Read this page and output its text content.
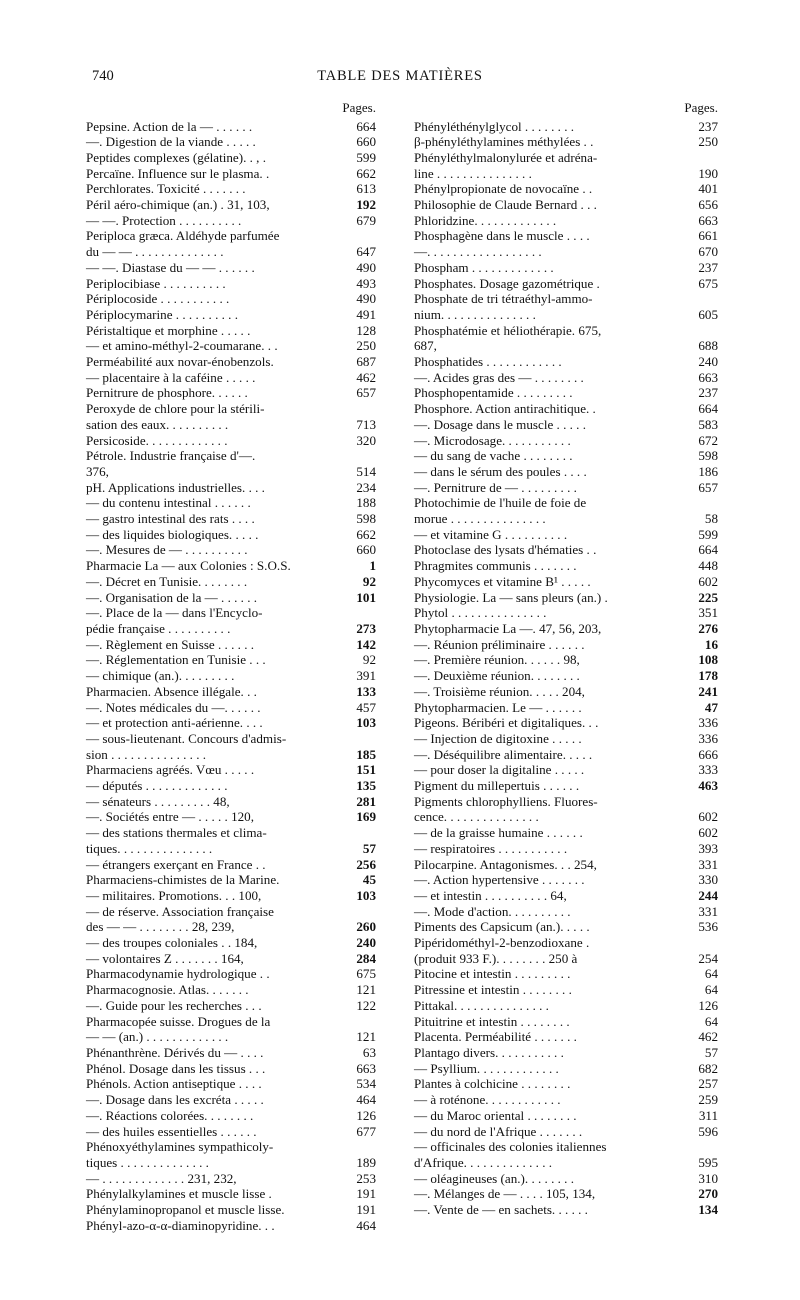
740	TABLE DES MATIÈRES
Pages.
Pepsine. Action de la — . . . . . .	664
—. Digestion de la viande . . . . .	660
Peptides complexes (gélatine). . , .	599
Percaïne. Influence sur le plasma. .	662
Perchlorates. Toxicité . . . . . . .	613
Péril aéro-chimique (an.) . 31, 103,	192
— —. Protection . . . . . . . . . .	679
Periploca græca. Aldéhyde parfumée
du — — . . . . . . . . . . . . . .	647
— —. Diastase du — — . . . . . .	490
Periplocibiase . . . . . . . . . .	493
Périplocoside . . . . . . . . . . .	490
Périplocymarine . . . . . . . . . .	491
Péristaltique et morphine . . . . .	128
— et amino-méthyl-2-coumarane. . .	250
Perméabilité aux novar-énobenzols.	687
— placentaire à la caféine . . . . .	462
Pernitrure de phosphore. . . . . .	657
Peroxyde de chlore pour la stérili-
sation des eaux. . . . . . . . . .	713
Persicoside. . . . . . . . . . . . .	320
Pétrole. Industrie française d'—.
376,	514
pH. Applications industrielles. . . .	234
— du contenu intestinal . . . . . .	188
— gastro intestinal des rats . . . .	598
— des liquides biologiques. . . . .	662
—. Mesures de — . . . . . . . . . .	660
Pharmacie La — aux Colonies : S.O.S.	1
—. Décret en Tunisie. . . . . . . .	92
—. Organisation de la — . . . . . .	101
—. Place de la — dans l'Encyclo-
pédie française . . . . . . . . . .	273
—. Règlement en Suisse . . . . . .	142
—. Réglementation en Tunisie . . .	92
— chimique (an.). . . . . . . . .	391
Pharmacien. Absence illégale. . .	133
—. Notes médicales du —. . . . . .	457
— et protection anti-aérienne. . . .	103
— sous-lieutenant. Concours d'admis-
sion . . . . . . . . . . . . . . .	185
Pharmaciens agréés. Vœu . . . . .	151
— députés . . . . . . . . . . . . .	135
— sénateurs . . . . . . . . . 48,	281
—. Sociétés entre — . . . . . 120,	169
— des stations thermales et clima-
tiques. . . . . . . . . . . . . . .	57
— étrangers exerçant en France . .	256
Pharmaciens-chimistes de la Marine.	45
— militaires. Promotions. . . 100,	103
— de réserve. Association française
des — — . . . . . . . . 28, 239,	260
— des troupes coloniales . . 184,	240
— volontaires Z . . . . . . . 164,	284
Pharmacodynamie hydrologique . .	675
Pharmacognosie. Atlas. . . . . . .	121
—. Guide pour les recherches . . .	122
Pharmacopée suisse. Drogues de la
— — (an.) . . . . . . . . . . . . .	121
Phénanthrène. Dérivés du — . . . .	63
Phénol. Dosage dans les tissus . . .	663
Phénols. Action antiseptique . . . .	534
—. Dosage dans les excréta . . . . .	464
—. Réactions colorées. . . . . . . .	126
— des huiles essentielles . . . . . .	677
Phénoxyéthylamines sympathicoly-
tiques . . . . . . . . . . . . . .	189
— . . . . . . . . . . . . . 231, 232,	253
Phénylalkylamines et muscle lisse .	191
Phénylaminopropanol et muscle lisse.	191
Phényl-azo-α-α-diaminopyridine. . .	464
Pages.
Phényléthénylglycol . . . . . . . .	237
β-phényléthylamines méthylées . .	250
Phényléthylmalonylurée et adréna-
line . . . . . . . . . . . . . . .	190
Phénylpropionate de novocaïne . .	401
Philosophie de Claude Bernard . . .	656
Phloridzine. . . . . . . . . . . . .	663
Phosphagène dans le muscle . . . .	661
—. . . . . . . . . . . . . . . . . .	670
Phospham . . . . . . . . . . . . .	237
Phosphates. Dosage gazométrique .	675
Phosphate de tri tétraéthyl-ammo-
nium. . . . . . . . . . . . . . .	605
Phosphatémie et héliothérapie. 675,
687,	688
Phosphatides . . . . . . . . . . . .	240
—. Acides gras des — . . . . . . . .	663
Phosphopentamide . . . . . . . . .	237
Phosphore. Action antirachitique. .	664
—. Dosage dans le muscle . . . . .	583
—. Microdosage. . . . . . . . . . .	672
— du sang de vache . . . . . . . .	598
— dans le sérum des poules . . . .	186
—. Pernitrure de — . . . . . . . . .	657
Photochimie de l'huile de foie de
morue . . . . . . . . . . . . . . .	58
— et vitamine G . . . . . . . . . .	599
Photoclase des lysats d'hématies . .	664
Phragmites communis . . . . . . .	448
Phycomyces et vitamine B¹ . . . . .	602
Physiologie. La — sans pleurs (an.) .	225
Phytol . . . . . . . . . . . . . . .	351
Phytopharmacie La —. 47, 56, 203,	276
—. Réunion préliminaire . . . . . .	16
—. Première réunion. . . . . . 98,	108
—. Deuxième réunion. . . . . . . .	178
—. Troisième réunion. . . . . 204,	241
Phytopharmacien. Le — . . . . . .	47
Pigeons. Béribéri et digitaliques. . .	336
— Injection de digitoxine . . . . .	336
—. Déséquilibre alimentaire. . . . .	666
— pour doser la digitaline . . . . .	333
Pigment du millepertuis . . . . . .	463
Pigments chlorophylliens. Fluores-
cence. . . . . . . . . . . . . . .	602
— de la graisse humaine . . . . . .	602
— respiratoires . . . . . . . . . . .	393
Pilocarpine. Antagonismes. . . 254,	331
—. Action hypertensive . . . . . . .	330
— et intestin . . . . . . . . . . 64,	244
—. Mode d'action. . . . . . . . . .	331
Piments des Capsicum (an.). . . . .	536
Pipéridométhyl-2-benzodioxane .
(produit 933 F.). . . . . . . . 250 à	254
Pitocine et intestin . . . . . . . . .	64
Pitressine et intestin . . . . . . . .	64
Pittakal. . . . . . . . . . . . . . .	126
Pituitrine et intestin . . . . . . . .	64
Placenta. Perméabilité . . . . . . .	462
Plantago divers. . . . . . . . . . .	57
— Psyllium. . . . . . . . . . . . .	682
Plantes à colchicine . . . . . . . .	257
— à roténone. . . . . . . . . . . .	259
— du Maroc oriental . . . . . . . .	311
— du nord de l'Afrique . . . . . . .	596
— officinales des colonies italiennes
d'Afrique. . . . . . . . . . . . . .	595
— oléagineuses (an.). . . . . . . .	310
—. Mélanges de — . . . . 105, 134,	270
—. Vente de — en sachets. . . . . .	134
